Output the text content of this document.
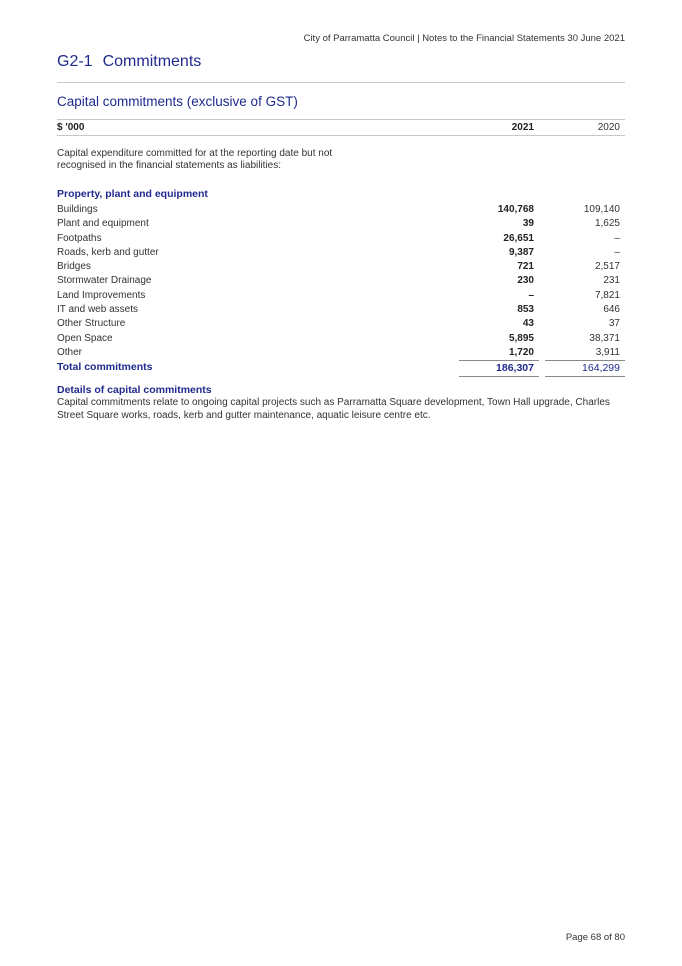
City of Parramatta Council | Notes to the Financial Statements 30 June 2021
G2-1 Commitments
Capital commitments (exclusive of GST)
$ '000	2021	2020
Capital expenditure committed for at the reporting date but not recognised in the financial statements as liabilities:
Property, plant and equipment
Buildings	140,768	109,140
Plant and equipment	39	1,625
Footpaths	26,651	–
Roads, kerb and gutter	9,387	–
Bridges	721	2,517
Stormwater Drainage	230	231
Land Improvements	–	7,821
IT and web assets	853	646
Other Structure	43	37
Open Space	5,895	38,371
Other	1,720	3,911
Total commitments	186,307	164,299
Details of capital commitments
Capital commitments relate to ongoing capital projects such as Parramatta Square development, Town Hall upgrade, Charles Street Square works, roads, kerb and gutter maintenance, aquatic leisure centre etc.
Page 68 of 80
